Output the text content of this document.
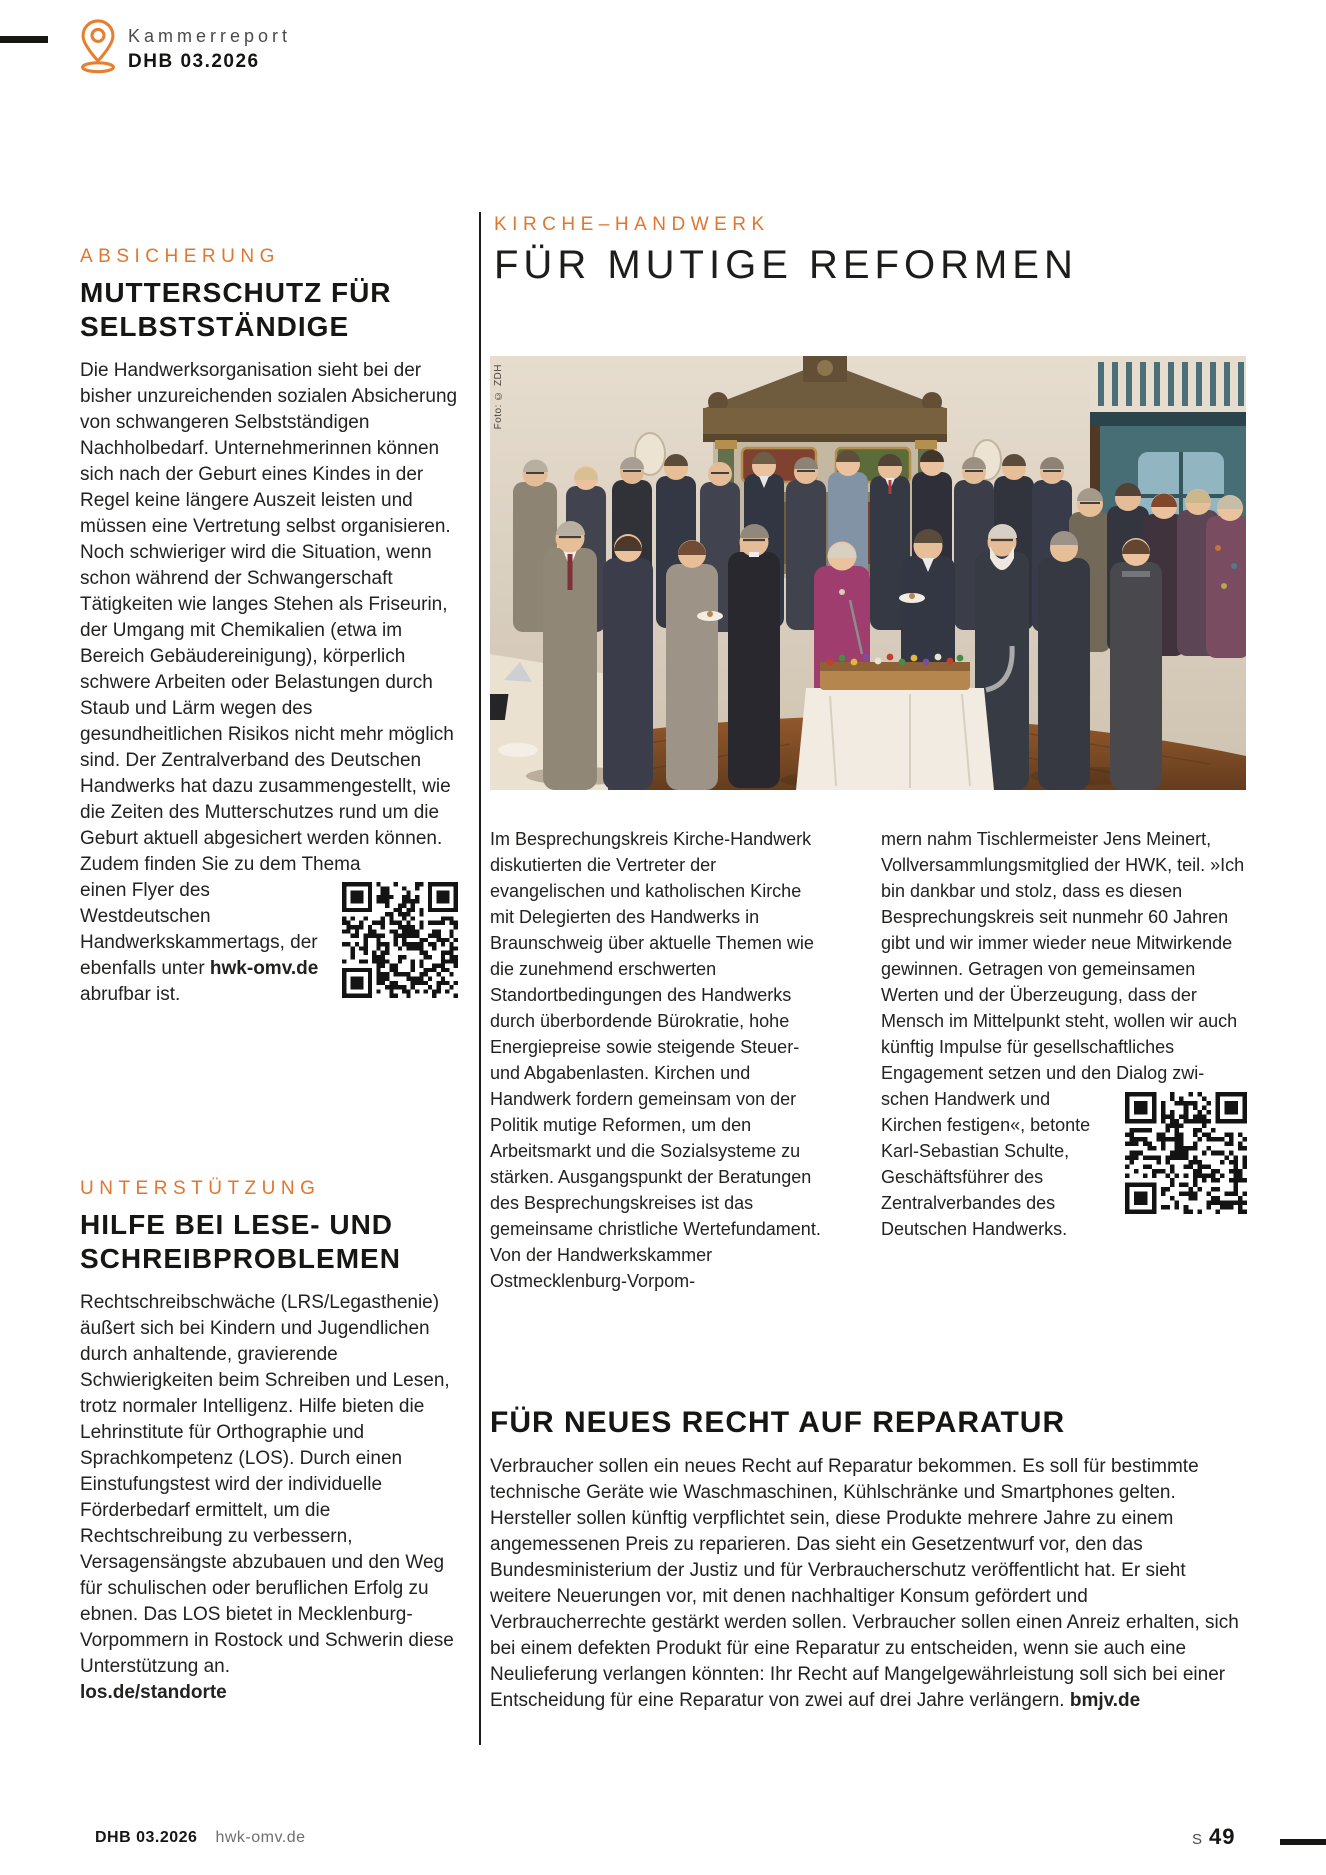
Kammerreport
DHB 03.2026
ABSICHERUNG
MUTTERSCHUTZ FÜR
SELBSTSTÄNDIGE

Die Handwerksorganisation sieht bei der bisher unzureichenden sozialen Absicherung von schwangeren Selbstständigen Nachholbedarf. Unternehmerinnen können sich nach der Geburt eines Kindes in der Regel keine längere Auszeit leisten und müssen eine Vertretung selbst organisieren. Noch schwieriger wird die Situation, wenn schon während der Schwangerschaft Tätigkeiten wie langes Stehen als Friseurin, der Umgang mit Chemikalien (etwa im Bereich Gebäudereinigung), körperlich schwere Arbeiten oder Belastungen durch Staub und Lärm wegen des gesundheitlichen Risikos nicht mehr möglich sind. Der Zentralverband des Deutschen Handwerks hat dazu zusammengestellt, wie die Zeiten des Mutterschutzes rund um die Geburt aktuell abgesichert werden können. Zudem finden Sie zu dem Thema

einen Flyer des Westdeutschen Handwerkskammertags, der ebenfalls unter hwk-omv.de abrufbar ist.

UNTERSTÜTZUNG
HILFE BEI LESE- UND
SCHREIBPROBLEMEN

Rechtschreibschwäche (LRS/Legasthenie) äußert sich bei Kindern und Jugendlichen durch anhaltende, gravierende Schwierigkeiten beim Schreiben und Lesen, trotz normaler Intelligenz. Hilfe bieten die Lehrinstitute für Orthographie und Sprachkompetenz (LOS). Durch einen Einstufungstest wird der individuelle Förderbedarf ermittelt, um die Rechtschreibung zu verbessern, Versagensängste abzubauen und den Weg für schulischen oder beruflichen Erfolg zu ebnen. Das LOS bietet in Mecklenburg-Vorpommern in Rostock und Schwerin diese Unterstützung an.

los.de/standorte

KIRCHE–HANDWERK
FÜR MUTIGE REFORMEN
Foto: © ZDH

Im Besprechungskreis Kirche-Handwerk diskutierten die Vertreter der evangelischen und katholischen Kirche mit Delegierten des Handwerks in Braunschweig über aktuelle Themen wie die zunehmend erschwerten Standortbedingungen des Handwerks durch überbordende Bürokratie, hohe Energiepreise sowie steigende Steuer- und Abgabenlasten. Kirchen und Handwerk fordern gemeinsam von der Politik mutige Reformen, um den Arbeitsmarkt und die Sozialsysteme zu stärken. Ausgangspunkt der Beratungen des Besprechungskreises ist das gemeinsame christliche Wertefundament. Von der Handwerkskammer Ostmecklenburg-Vorpom-

mern nahm Tischlermeister Jens Meinert, Vollversammlungsmitglied der HWK, teil. »Ich bin dankbar und stolz, dass es diesen Besprechungskreis seit nunmehr 60 Jahren gibt und wir immer wieder neue Mitwirkende gewinnen. Getragen von gemeinsamen Werten und der Überzeugung, dass der Mensch im Mittelpunkt steht, wollen wir auch künftig Impulse für gesellschaftliches Engagement setzen und den Dialog zwi-

schen Handwerk und Kirchen festigen«, betonte Karl-Sebastian Schulte, Geschäftsführer des Zentralverbandes des Deutschen Handwerks.

FÜR NEUES RECHT AUF REPARATUR

Verbraucher sollen ein neues Recht auf Reparatur bekommen. Es soll für bestimmte technische Geräte wie Waschmaschinen, Kühlschränke und Smartphones gelten. Hersteller sollen künftig verpflichtet sein, diese Produkte mehrere Jahre zu einem angemessenen Preis zu reparieren. Das sieht ein Gesetzentwurf vor, den das Bundesministerium der Justiz und für Verbraucherschutz veröffentlicht hat. Er sieht weitere Neuerungen vor, mit denen nachhaltiger Konsum gefördert und Verbraucherrechte gestärkt werden sollen. Verbraucher sollen einen Anreiz erhalten, sich bei einem defekten Produkt für eine Reparatur zu entscheiden, wenn sie auch eine Neulieferung verlangen könnten: Ihr Recht auf Mangelgewährleistung soll sich bei einer Entscheidung für eine Reparatur von zwei auf drei Jahre verlängern. bmjv.de

DHB 03.2026 hwk-omv.de	S 49
